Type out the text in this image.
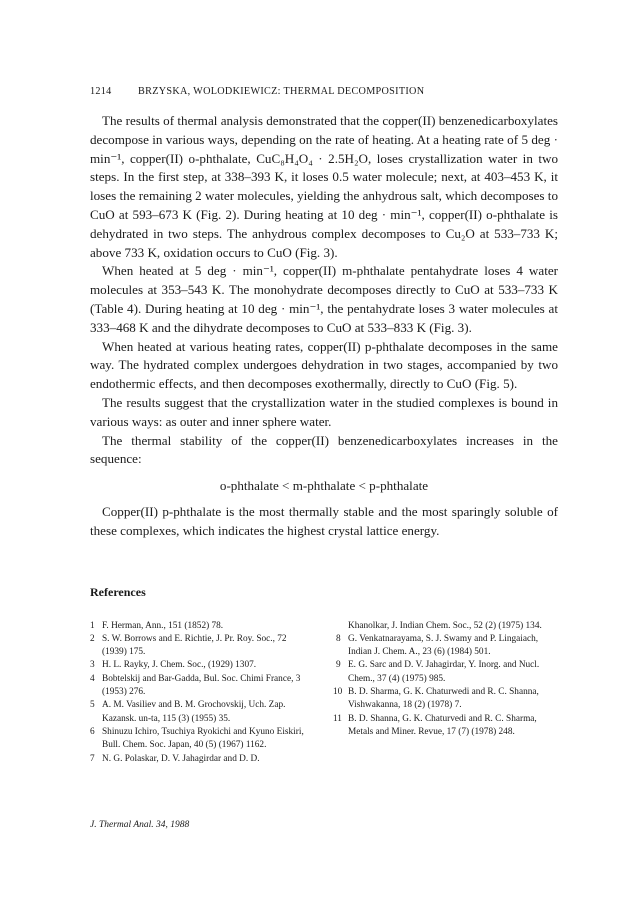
1214	BRZYSKA, WOLODKIEWICZ: THERMAL DECOMPOSITION

The results of thermal analysis demonstrated that the copper(II) benzenedicarboxylates decompose in various ways, depending on the rate of heating. At a heating rate of 5 deg · min⁻¹, copper(II) o-phthalate, CuC₈H₄O₄ · 2.5H₂O, loses crystallization water in two steps. In the first step, at 338–393 K, it loses 0.5 water molecule; next, at 403–453 K, it loses the remaining 2 water molecules, yielding the anhydrous salt, which decomposes to CuO at 593–673 K (Fig. 2). During heating at 10 deg · min⁻¹, copper(II) o-phthalate is dehydrated in two steps. The anhydrous complex decomposes to Cu₂O at 533–733 K; above 733 K, oxidation occurs to CuO (Fig. 3).

When heated at 5 deg · min⁻¹, copper(II) m-phthalate pentahydrate loses 4 water molecules at 353–543 K. The monohydrate decomposes directly to CuO at 533–733 K (Table 4). During heating at 10 deg · min⁻¹, the pentahydrate loses 3 water molecules at 333–468 K and the dihydrate decomposes to CuO at 533–833 K (Fig. 3).

When heated at various heating rates, copper(II) p-phthalate decomposes in the same way. The hydrated complex undergoes dehydration in two stages, accompanied by two endothermic effects, and then decomposes exothermally, directly to CuO (Fig. 5).

The results suggest that the crystallization water in the studied complexes is bound in various ways: as outer and inner sphere water.

The thermal stability of the copper(II) benzenedicarboxylates increases in the sequence:

o-phthalate < m-phthalate < p-phthalate

Copper(II) p-phthalate is the most thermally stable and the most sparingly soluble of these complexes, which indicates the highest crystal lattice energy.

References

1 F. Herman, Ann., 151 (1852) 78.

2 S. W. Borrows and E. Richtie, J. Pr. Roy. Soc., 72 (1939) 175.

3 H. L. Rayky, J. Chem. Soc., (1929) 1307.

4 Bobtelskij and Bar-Gadda, Bul. Soc. Chimi France, 3 (1953) 276.

5 A. M. Vasiliev and B. M. Grochovskij, Uch. Zap. Kazansk. un-ta, 115 (3) (1955) 35.

6 Shinuzu Ichiro, Tsuchiya Ryokichi and Kyuno Eiskiri, Bull. Chem. Soc. Japan, 40 (5) (1967) 1162.

7 N. G. Polaskar, D. V. Jahagirdar and D. D.

Khanolkar, J. Indian Chem. Soc., 52 (2) (1975) 134.

8 G. Venkatnarayama, S. J. Swamy and P. Lingaiach, Indian J. Chem. A., 23 (6) (1984) 501.

9 E. G. Sarc and D. V. Jahagirdar, Y. Inorg. and Nucl. Chem., 37 (4) (1975) 985.

10 B. D. Sharma, G. K. Chaturwedi and R. C. Shanna, Vishwakanna, 18 (2) (1978) 7.

11 B. D. Shanna, G. K. Chaturvedi and R. C. Sharma, Metals and Miner. Revue, 17 (7) (1978) 248.

J. Thermal Anal. 34, 1988
